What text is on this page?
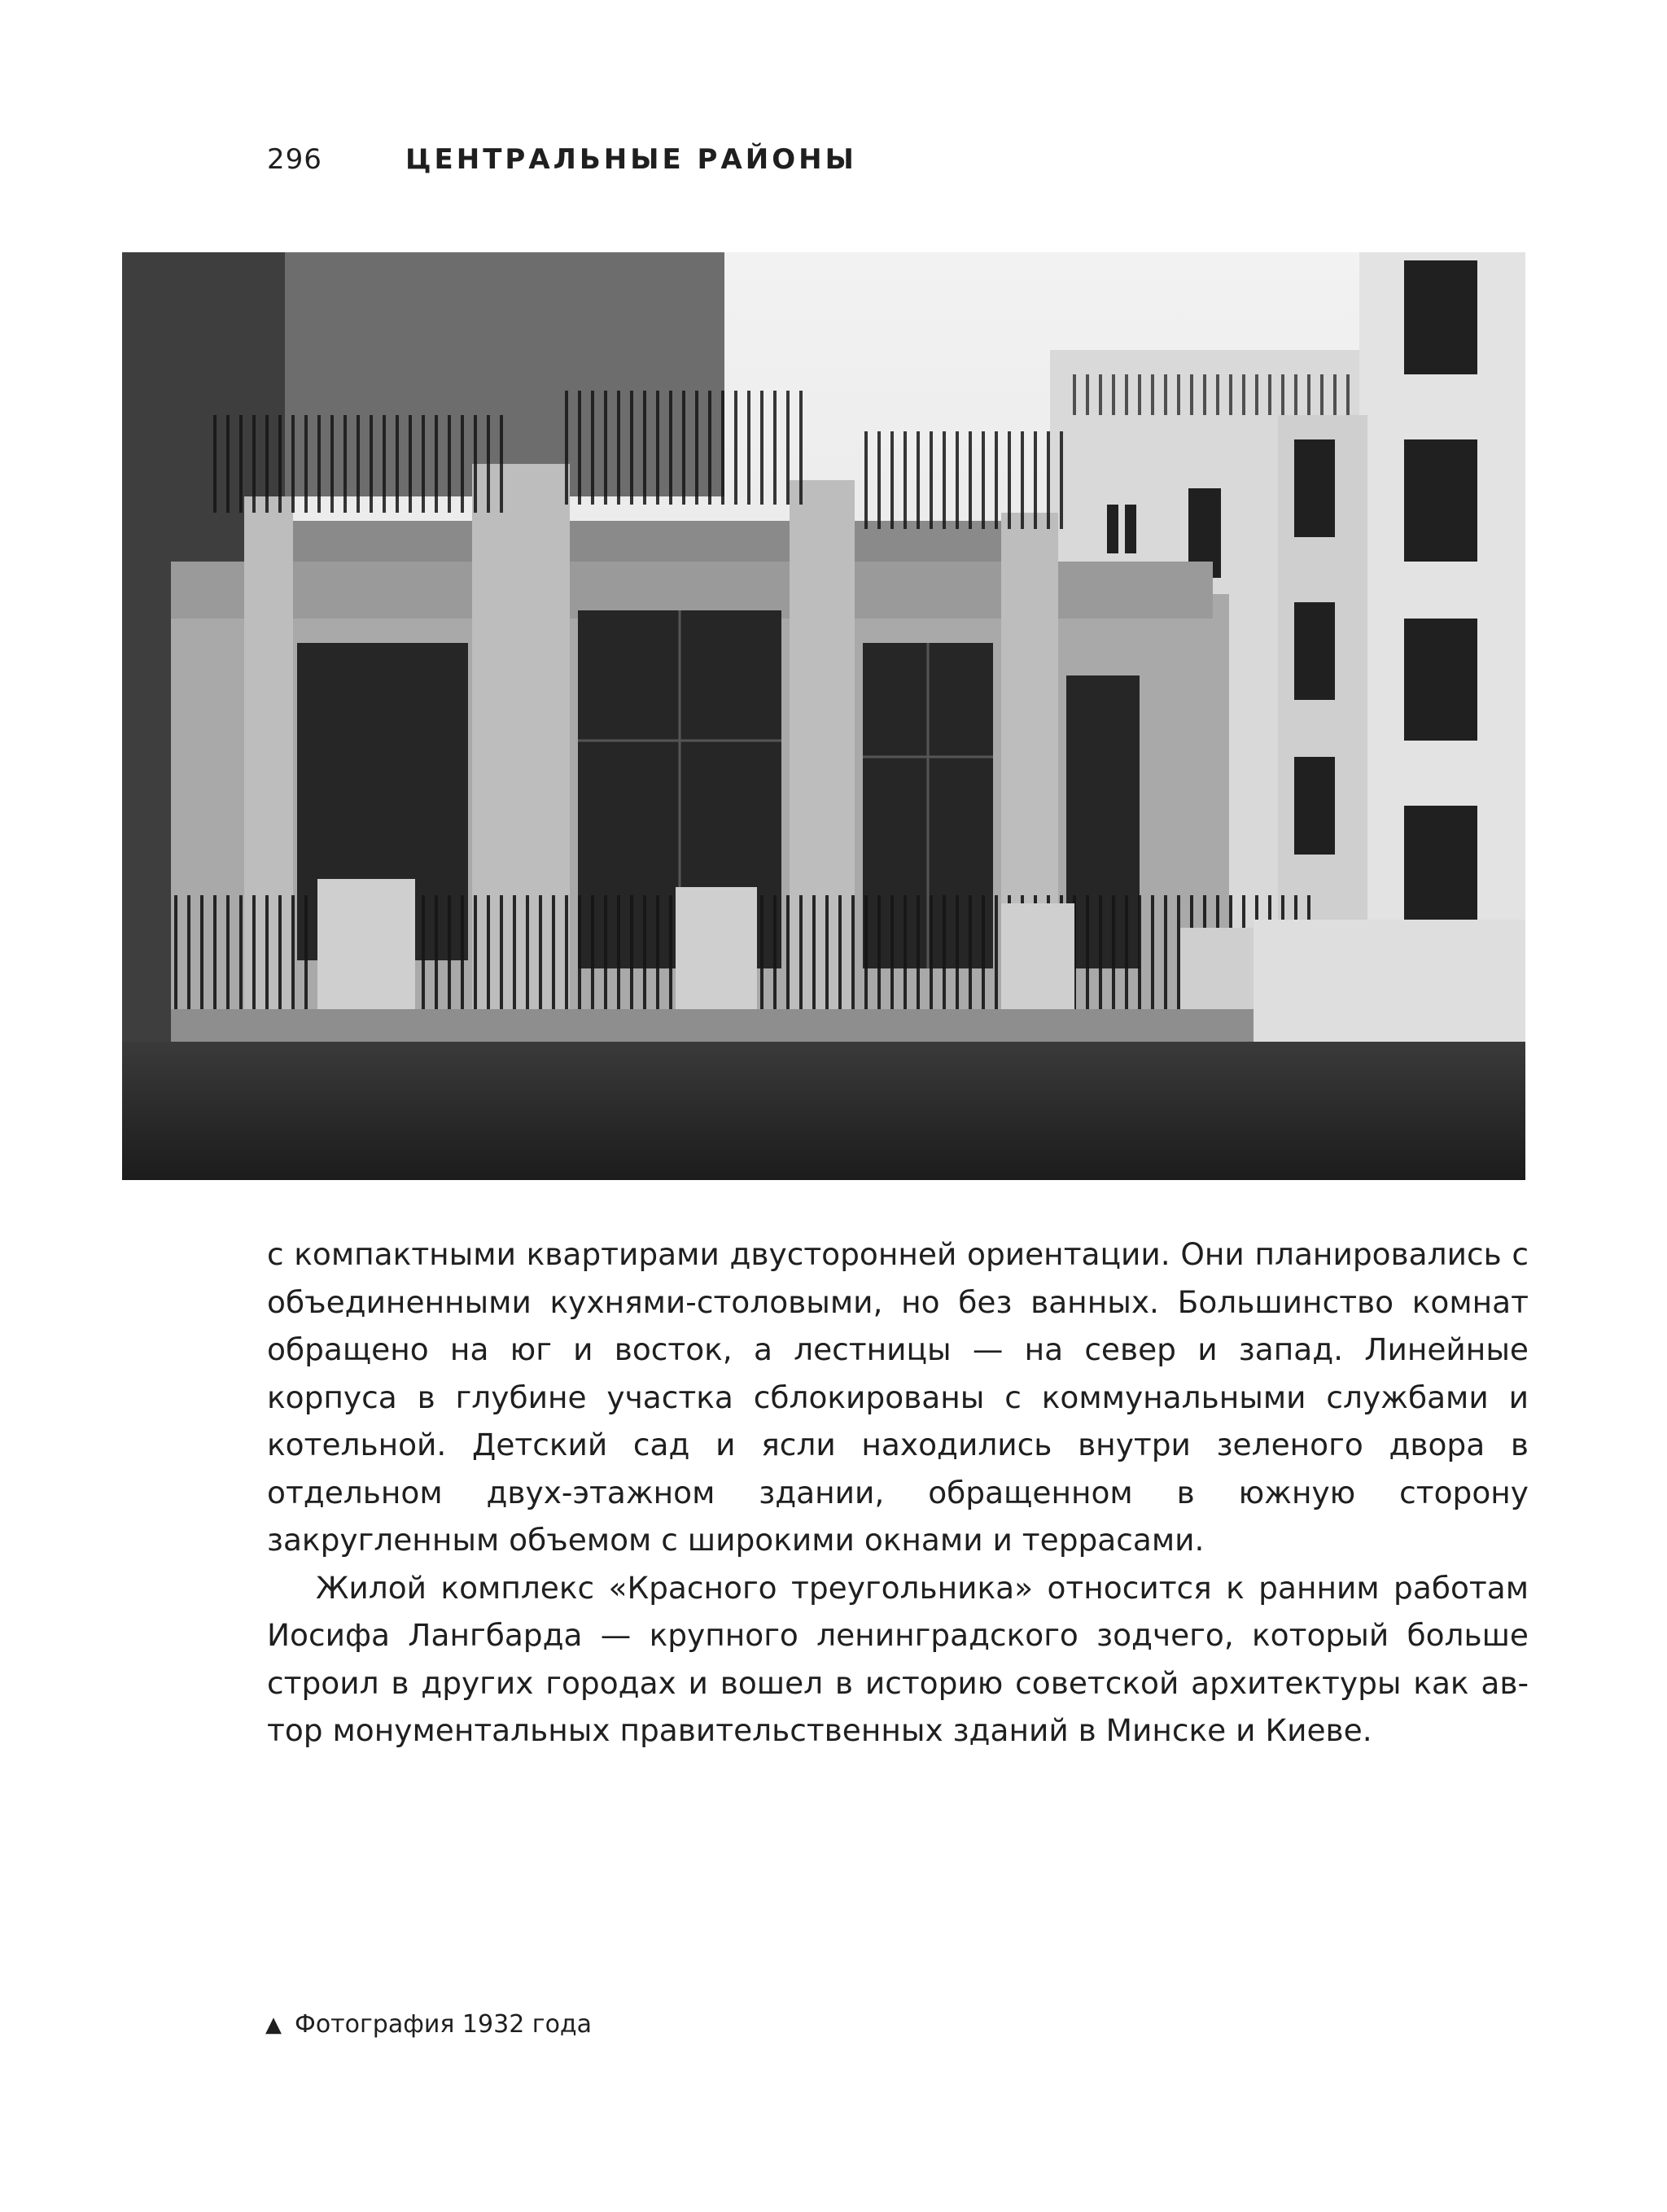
296	ЦЕНТРАЛЬНЫЕ РАЙОНЫ

с компактными квартирами двусторонней ориентации. Они планировались с объединенными кухнями-столовыми, но без ванных. Большинство комнат обращено на юг и восток, а лестницы — на север и запад. Линейные корпуса в глубине участка сблокированы с коммунальными службами и котельной. Детский сад и ясли находились внутри зеленого двора в отдельном двух-этажном здании, обращенном в южную сторону закругленным объемом с широкими окнами и террасами.

Жилой комплекс «Красного треугольника» относится к ранним работам Иосифа Лангбарда — крупного ленинградского зодчего, который больше строил в других городах и вошел в историю советской архитектуры как ав-тор монументальных правительственных зданий в Минске и Киеве.

▲ Фотография 1932 года
